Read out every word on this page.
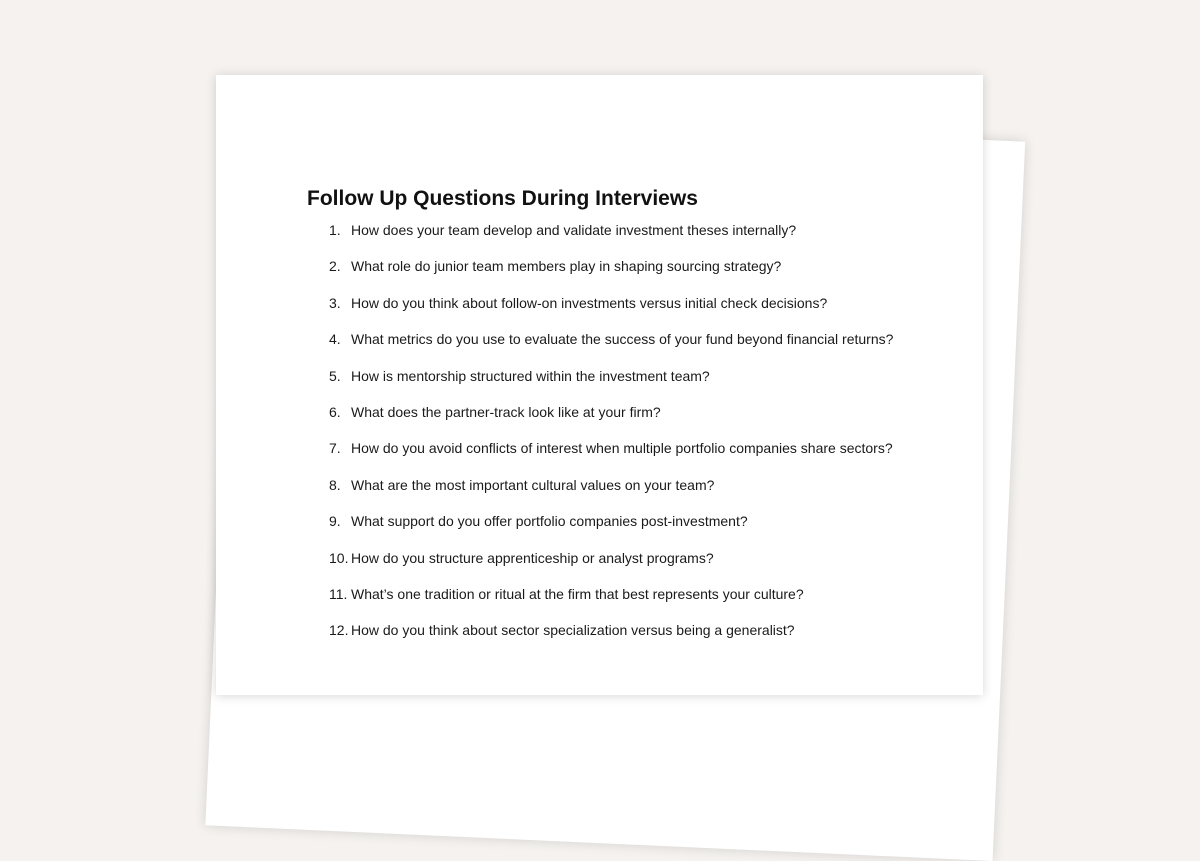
Follow Up Questions During Interviews
1. How does your team develop and validate investment theses internally?
2. What role do junior team members play in shaping sourcing strategy?
3. How do you think about follow-on investments versus initial check decisions?
4. What metrics do you use to evaluate the success of your fund beyond financial returns?
5. How is mentorship structured within the investment team?
6. What does the partner-track look like at your firm?
7. How do you avoid conflicts of interest when multiple portfolio companies share sectors?
8. What are the most important cultural values on your team?
9. What support do you offer portfolio companies post-investment?
10. How do you structure apprenticeship or analyst programs?
11. What’s one tradition or ritual at the firm that best represents your culture?
12. How do you think about sector specialization versus being a generalist?
